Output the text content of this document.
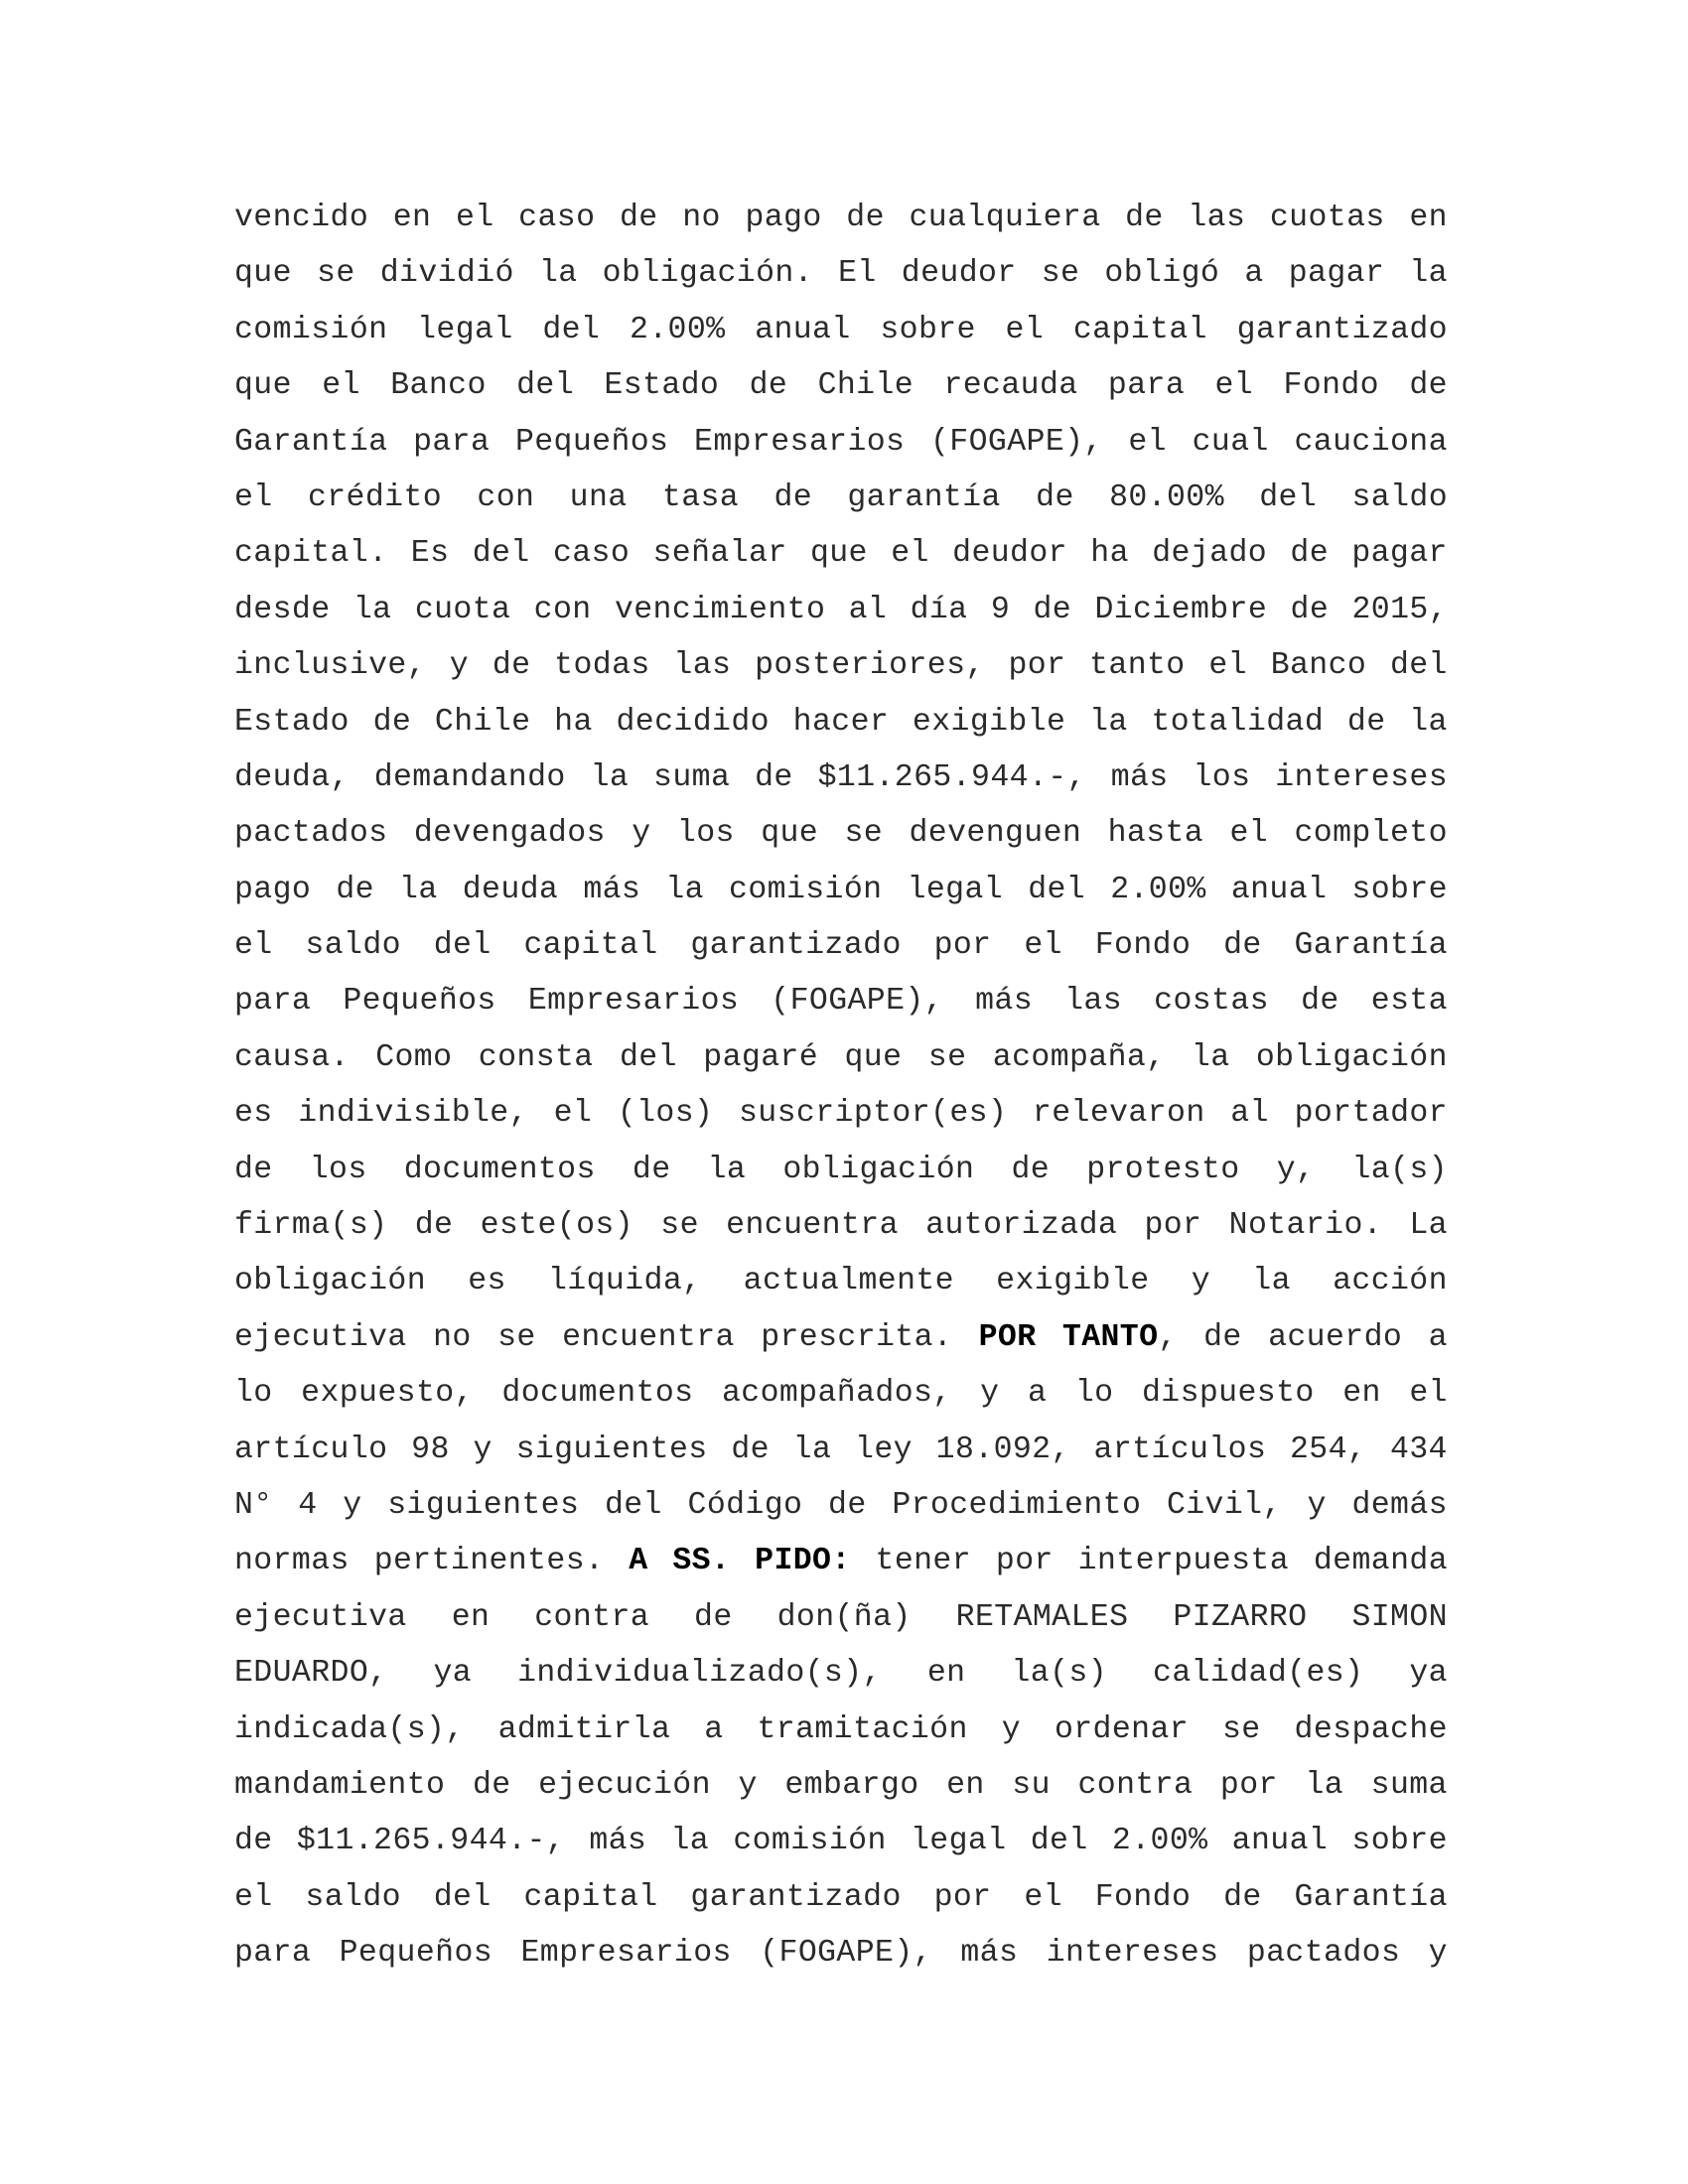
vencido en el caso de no pago de cualquiera de las cuotas en
que se dividió la obligación. El deudor se obligó a pagar la
comisión legal del 2.00% anual sobre el capital garantizado
que el Banco del Estado de Chile recauda para el Fondo de
Garantía para Pequeños Empresarios (FOGAPE), el cual cauciona
el crédito con una tasa de garantía de 80.00% del saldo
capital. Es del caso señalar que el deudor ha dejado de pagar
desde la cuota con vencimiento al día 9 de Diciembre de 2015,
inclusive, y de todas las posteriores, por tanto el Banco del
Estado de Chile ha decidido hacer exigible la totalidad de la
deuda, demandando la suma de $11.265.944.-, más los intereses
pactados devengados y los que se devenguen hasta el completo
pago de la deuda más la comisión legal del 2.00% anual sobre
el saldo del capital garantizado por el Fondo de Garantía
para Pequeños Empresarios (FOGAPE), más las costas de esta
causa. Como consta del pagaré que se acompaña, la obligación
es indivisible, el (los) suscriptor(es) relevaron al portador
de los documentos de la obligación de protesto y, la(s)
firma(s) de este(os) se encuentra autorizada por Notario. La
obligación es líquida, actualmente exigible y la acción
ejecutiva no se encuentra prescrita. POR TANTO, de acuerdo a
lo expuesto, documentos acompañados, y a lo dispuesto en el
artículo 98 y siguientes de la ley 18.092, artículos 254, 434
N° 4 y siguientes del Código de Procedimiento Civil, y demás
normas pertinentes. A SS. PIDO: tener por interpuesta demanda
ejecutiva en contra de don(ña) RETAMALES PIZARRO SIMON
EDUARDO, ya individualizado(s), en la(s) calidad(es) ya
indicada(s), admitirla a tramitación y ordenar se despache
mandamiento de ejecución y embargo en su contra por la suma
de $11.265.944.-, más la comisión legal del 2.00% anual sobre
el saldo del capital garantizado por el Fondo de Garantía
para Pequeños Empresarios (FOGAPE), más intereses pactados y
